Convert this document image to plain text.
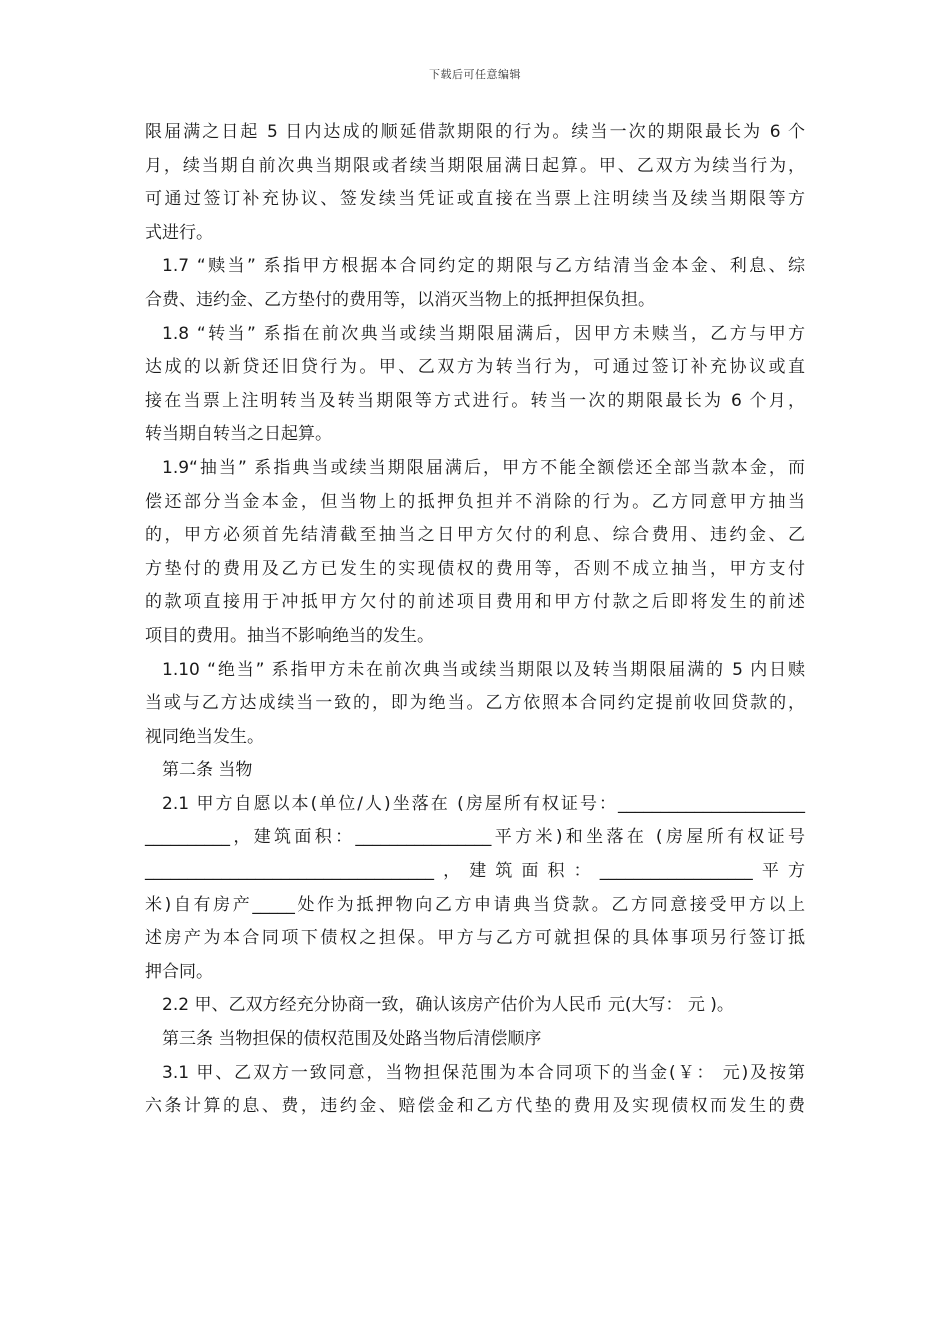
下载后可任意编辑

限届满之日起 5 日内达成的顺延借款期限的行为。续当一次的期限最长为 6 个
月，续当期自前次典当期限或者续当期限届满日起算。甲、乙双方为续当行为，
可通过签订补充协议、签发续当凭证或直接在当票上注明续当及续当期限等方
式进行。

1.7 “赎当” 系指甲方根据本合同约定的期限与乙方结清当金本金、利息、综
合费、违约金、乙方垫付的费用等，以消灭当物上的抵押担保负担。

1.8 “转当” 系指在前次典当或续当期限届满后，因甲方未赎当，乙方与甲方
达成的以新贷还旧贷行为。甲、乙双方为转当行为，可通过签订补充协议或直
接在当票上注明转当及转当期限等方式进行。转当一次的期限最长为 6 个月，
转当期自转当之日起算。

1.9“抽当” 系指典当或续当期限届满后，甲方不能全额偿还全部当款本金，而
偿还部分当金本金，但当物上的抵押负担并不消除的行为。乙方同意甲方抽当
的，甲方必须首先结清截至抽当之日甲方欠付的利息、综合费用、违约金、乙
方垫付的费用及乙方已发生的实现债权的费用等，否则不成立抽当，甲方支付
的款项直接用于冲抵甲方欠付的前述项目费用和甲方付款之后即将发生的前述
项目的费用。抽当不影响绝当的发生。

1.10 “绝当” 系指甲方未在前次典当或续当期限以及转当期限届满的 5 内日赎
当或与乙方达成续当一致的，即为绝当。乙方依照本合同约定提前收回贷款的，
视同绝当发生。

第二条 当物

2.1 甲方自愿以本(单位/人)坐落在 (房屋所有权证号：______________________
__________，建筑面积：________________平方米)和坐落在 (房屋所有权证号
__________________________________，建筑面积：__________________平方
米)自有房产_____处作为抵押物向乙方申请典当贷款。乙方同意接受甲方以上
述房产为本合同项下债权之担保。甲方与乙方可就担保的具体事项另行签订抵
押合同。

2.2 甲、乙双方经充分协商一致，确认该房产估价为人民币 元(大写： 元 )。

第三条 当物担保的债权范围及处路当物后清偿顺序

3.1 甲、乙双方一致同意，当物担保范围为本合同项下的当金(￥： 元)及按第
六条计算的息、费，违约金、赔偿金和乙方代垫的费用及实现债权而发生的费
